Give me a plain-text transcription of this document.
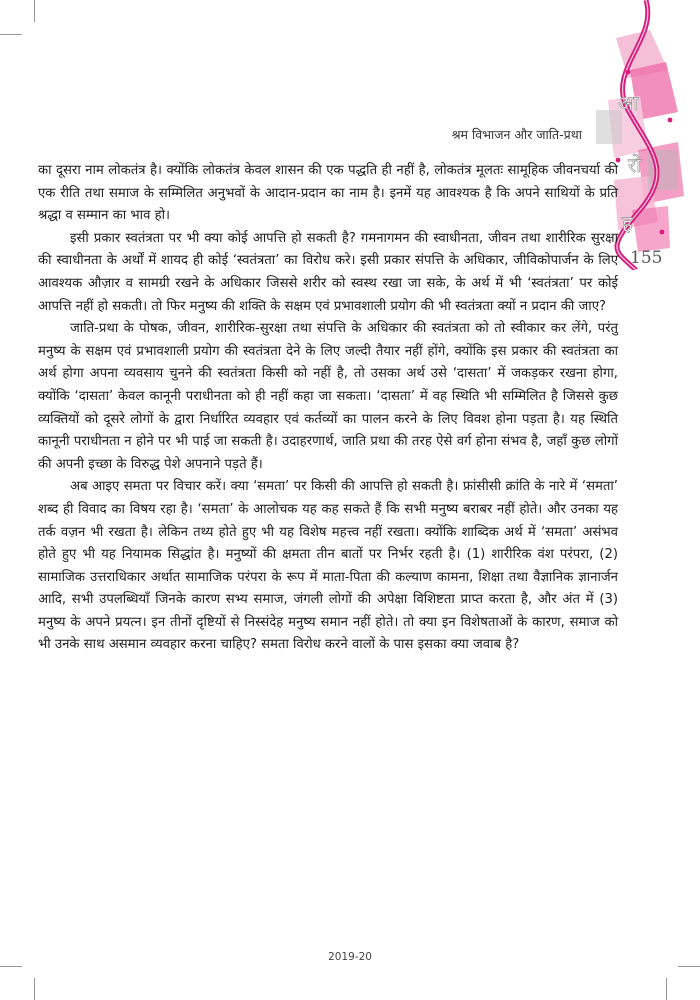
आ
रो
ह
श्रम विभाजन और जाति-प्रथा
155

का दूसरा नाम लोकतंत्र है। क्योंकि लोकतंत्र केवल शासन की एक पद्धति ही नहीं है, लोकतंत्र मूलतः सामूहिक जीवनचर्या की एक रीति तथा समाज के सम्मिलित अनुभवों के आदान-प्रदान का नाम है। इनमें यह आवश्यक है कि अपने साथियों के प्रति श्रद्धा व सम्मान का भाव हो।

इसी प्रकार स्वतंत्रता पर भी क्या कोई आपत्ति हो सकती है? गमनागमन की स्वाधीनता, जीवन तथा शारीरिक सुरक्षा की स्वाधीनता के अर्थों में शायद ही कोई ‘स्वतंत्रता’ का विरोध करे। इसी प्रकार संपत्ति के अधिकार, जीविकोपार्जन के लिए आवश्यक औज़ार व सामग्री रखने के अधिकार जिससे शरीर को स्वस्थ रखा जा सके, के अर्थ में भी ‘स्वतंत्रता’ पर कोई आपत्ति नहीं हो सकती। तो फिर मनुष्य की शक्ति के सक्षम एवं प्रभावशाली प्रयोग की भी स्वतंत्रता क्यों न प्रदान की जाए?

जाति-प्रथा के पोषक, जीवन, शारीरिक-सुरक्षा तथा संपत्ति के अधिकार की स्वतंत्रता को तो स्वीकार कर लेंगे, परंतु मनुष्य के सक्षम एवं प्रभावशाली प्रयोग की स्वतंत्रता देने के लिए जल्दी तैयार नहीं होंगे, क्योंकि इस प्रकार की स्वतंत्रता का अर्थ होगा अपना व्यवसाय चुनने की स्वतंत्रता किसी को नहीं है, तो उसका अर्थ उसे ‘दासता’ में जकड़कर रखना होगा, क्योंकि ‘दासता’ केवल कानूनी पराधीनता को ही नहीं कहा जा सकता। ‘दासता’ में वह स्थिति भी सम्मिलित है जिससे कुछ व्यक्तियों को दूसरे लोगों के द्वारा निर्धारित व्यवहार एवं कर्तव्यों का पालन करने के लिए विवश होना पड़ता है। यह स्थिति कानूनी पराधीनता न होने पर भी पाई जा सकती है। उदाहरणार्थ, जाति प्रथा की तरह ऐसे वर्ग होना संभव है, जहाँ कुछ लोगों की अपनी इच्छा के विरुद्ध पेशे अपनाने पड़ते हैं।

अब आइए समता पर विचार करें। क्या ‘समता’ पर किसी की आपत्ति हो सकती है। फ्रांसीसी क्रांति के नारे में ‘समता’ शब्द ही विवाद का विषय रहा है। ‘समता’ के आलोचक यह कह सकते हैं कि सभी मनुष्य बराबर नहीं होते। और उनका यह तर्क वज़न भी रखता है। लेकिन तथ्य होते हुए भी यह विशेष महत्त्व नहीं रखता। क्योंकि शाब्दिक अर्थ में ‘समता’ असंभव होते हुए भी यह नियामक सिद्धांत है। मनुष्यों की क्षमता तीन बातों पर निर्भर रहती है। (1) शारीरिक वंश परंपरा, (2) सामाजिक उत्तराधिकार अर्थात सामाजिक परंपरा के रूप में माता-पिता की कल्याण कामना, शिक्षा तथा वैज्ञानिक ज्ञानार्जन आदि, सभी उपलब्धियाँ जिनके कारण सभ्य समाज, जंगली लोगों की अपेक्षा विशिष्टता प्राप्त करता है, और अंत में (3) मनुष्य के अपने प्रयत्न। इन तीनों दृष्टियों से निस्संदेह मनुष्य समान नहीं होते। तो क्या इन विशेषताओं के कारण, समाज को भी उनके साथ असमान व्यवहार करना चाहिए? समता विरोध करने वालों के पास इसका क्या जवाब है?

2019-20
